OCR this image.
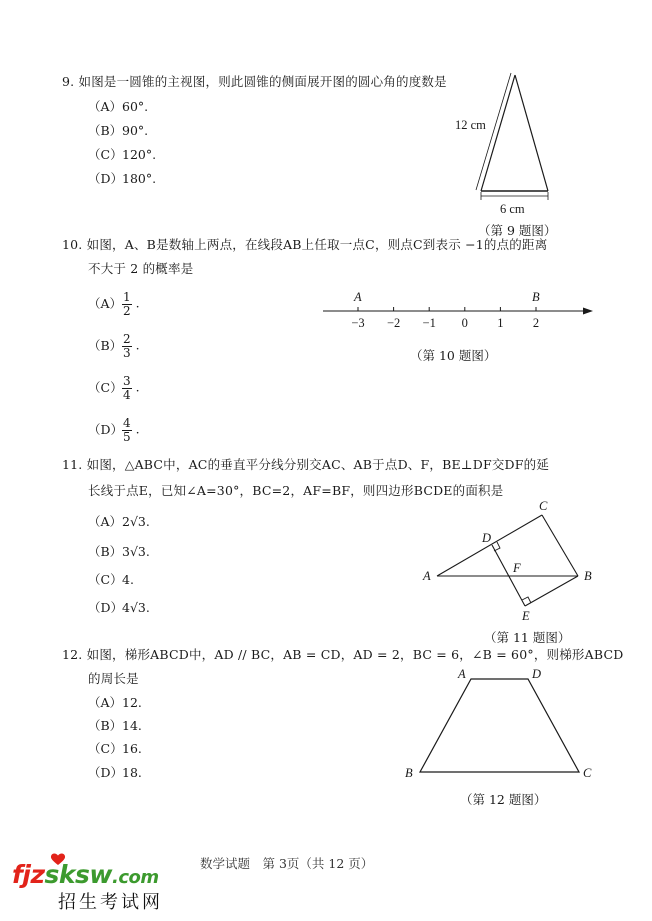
9. 如图是一圆锥的主视图，则此圆锥的侧面展开图的圆心角的度数是
（A）60°.
（B）90°.
（C）120°.
（D）180°.
12 cm
6 cm
（第 9 题图）
10. 如图，A、B是数轴上两点，在线段AB上任取一点C，则点C到表示 −1的点的距离
不大于 2 的概率是
$(A) \frac{1}{2}$ .
$(B) \frac{2}{3}$ .
$(C) \frac{3}{4}$ .
（D）
$\frac{4}{5}$ .
−3 −2 −1 0 1 2
A	B
（第 10 题图）
11. 如图，△ABC中，AC的垂直平分线分别交AC、AB于点D、F，BE⊥DF交DF的延
长线于点E，已知∠A=30°，BC=2，AF=BF，则四边形BCDE的面积是
（A）2√3.
（B）3√3.
（C）4.
（D）4√3.
A	B
C
D
E
F
（第 11 题图）
12. 如图，梯形ABCD中，AD // BC，AB = CD，AD = 2，BC = 6，∠B = 60°，则梯形ABCD
的周长是
（A）12.
（B）14.
（C）16.
（D）18.
A
B	C
D
（第 12 题图）
数学试题　第 3页（共 12 页）
fjzsksw.com
招生考试网
